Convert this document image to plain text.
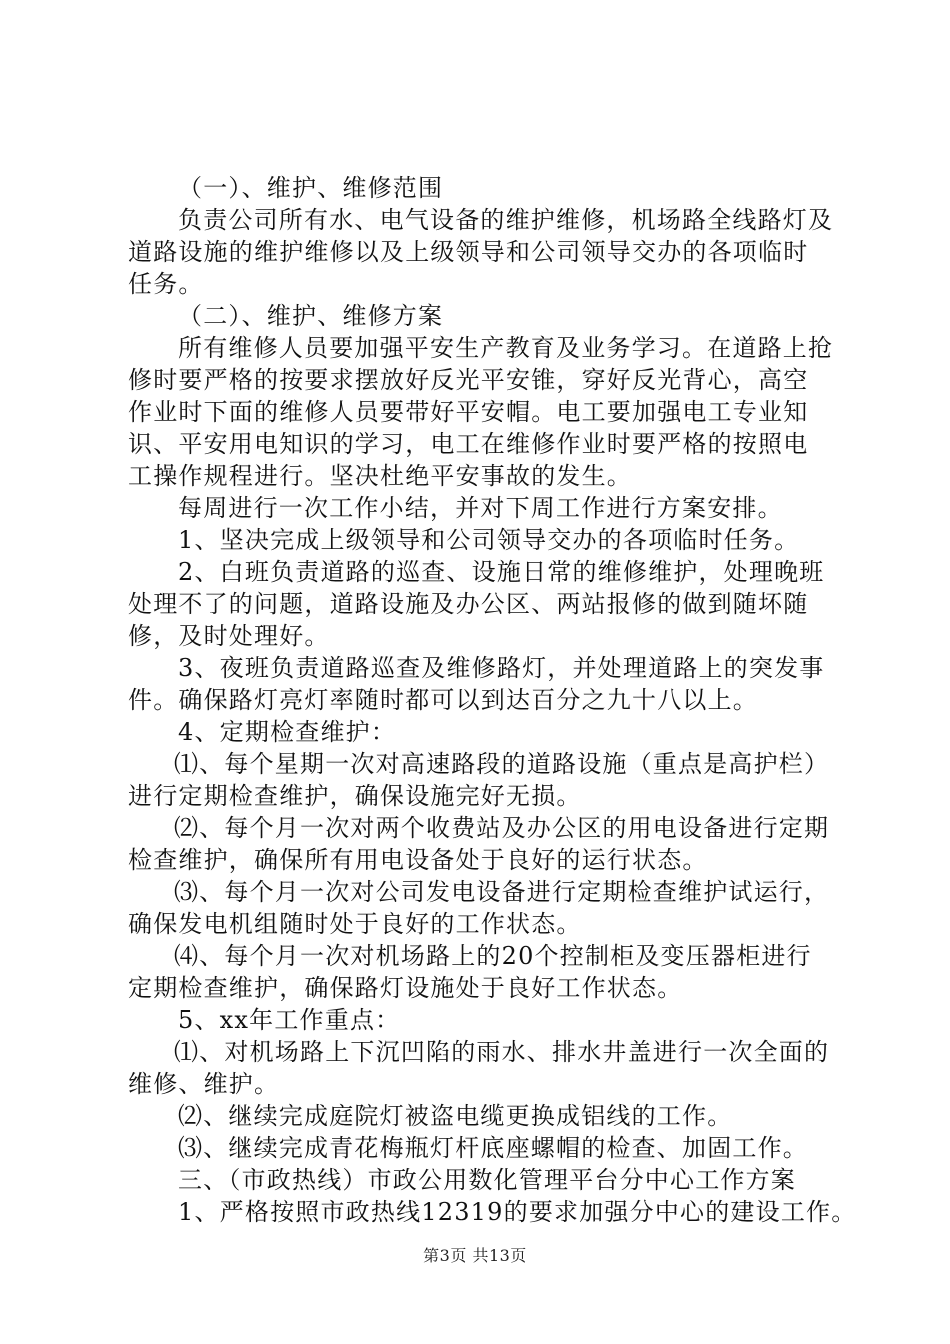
（一）、维护、维修范围
负责公司所有水、电气设备的维护维修，机场路全线路灯及
道路设施的维护维修以及上级领导和公司领导交办的各项临时
任务。
（二）、维护、维修方案
所有维修人员要加强平安生产教育及业务学习。在道路上抢
修时要严格的按要求摆放好反光平安锥，穿好反光背心，高空
作业时下面的维修人员要带好平安帽。电工要加强电工专业知
识、平安用电知识的学习，电工在维修作业时要严格的按照电
工操作规程进行。坚决杜绝平安事故的发生。
每周进行一次工作小结，并对下周工作进行方案安排。
1、坚决完成上级领导和公司领导交办的各项临时任务。
2、白班负责道路的巡查、设施日常的维修维护，处理晚班
处理不了的问题，道路设施及办公区、两站报修的做到随坏随
修，及时处理好。
3、夜班负责道路巡查及维修路灯，并处理道路上的突发事
件。确保路灯亮灯率随时都可以到达百分之九十八以上。
4、定期检查维护：
⑴、每个星期一次对高速路段的道路设施（重点是高护栏）
进行定期检查维护，确保设施完好无损。
⑵、每个月一次对两个收费站及办公区的用电设备进行定期
检查维护，确保所有用电设备处于良好的运行状态。
⑶、每个月一次对公司发电设备进行定期检查维护试运行，
确保发电机组随时处于良好的工作状态。
⑷、每个月一次对机场路上的20个控制柜及变压器柜进行
定期检查维护，确保路灯设施处于良好工作状态。
5、xx年工作重点：
⑴、对机场路上下沉凹陷的雨水、排水井盖进行一次全面的
维修、维护。
⑵、继续完成庭院灯被盗电缆更换成铝线的工作。
⑶、继续完成青花梅瓶灯杆底座螺帽的检查、加固工作。
三、（市政热线）市政公用数化管理平台分中心工作方案
1、严格按照市政热线12319的要求加强分中心的建设工作。
第3页 共13页
